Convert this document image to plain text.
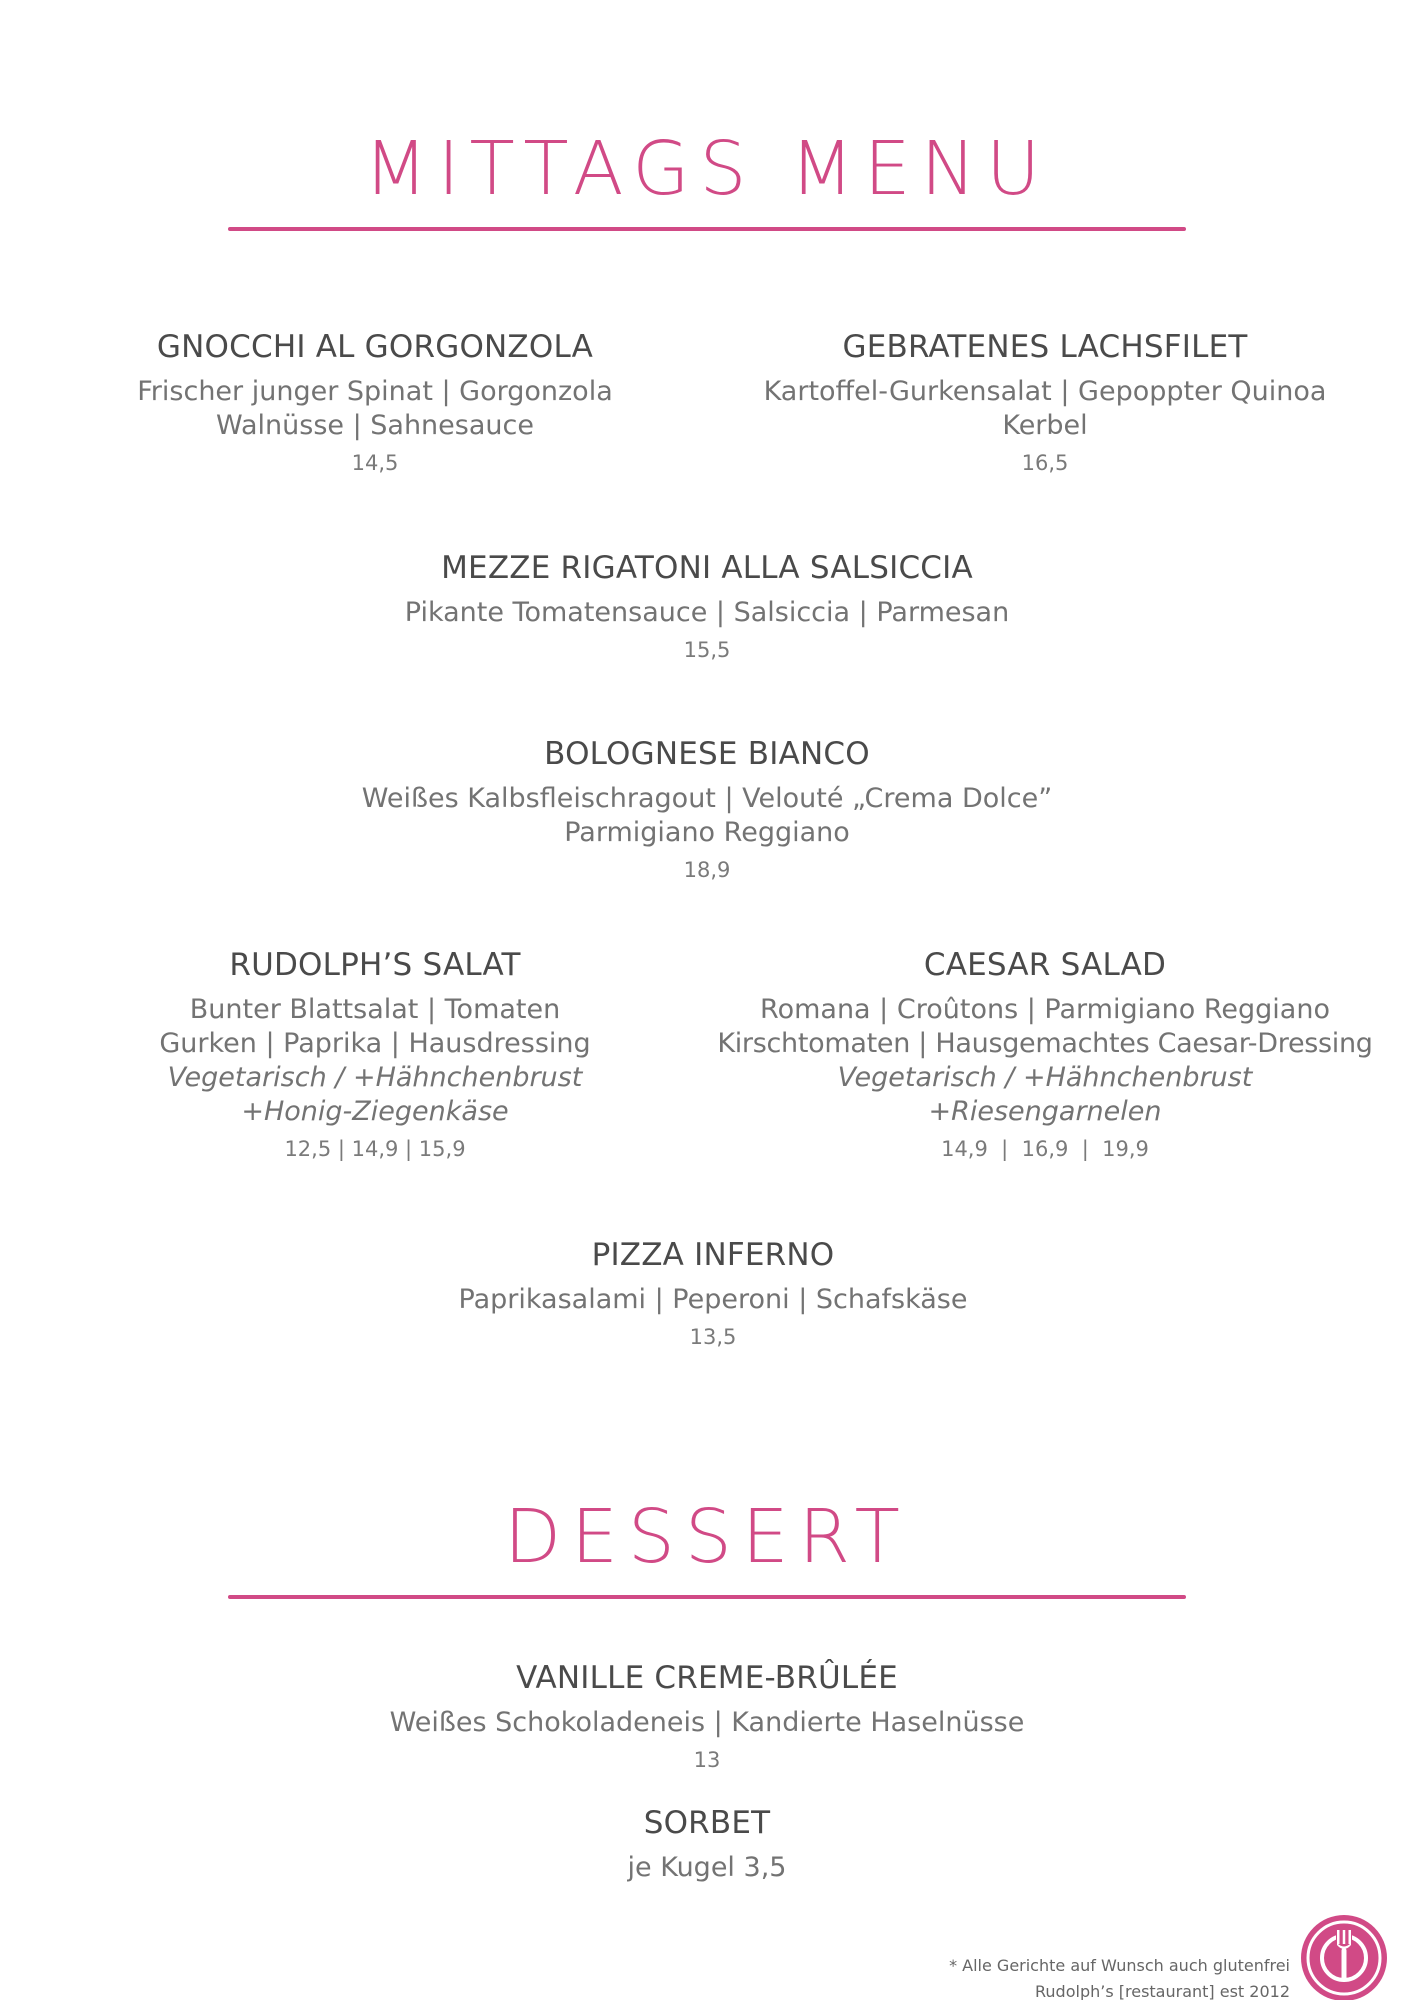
MITTAGS MENU
GNOCCHI AL GORGONZOLA
Frischer junger Spinat | Gorgonzola
Walnüsse | Sahnesauce
14,5
GEBRATENES LACHSFILET
Kartoffel-Gurkensalat | Gepoppter Quinoa
Kerbel
16,5
MEZZE RIGATONI ALLA SALSICCIA
Pikante Tomatensauce | Salsiccia | Parmesan
15,5
BOLOGNESE BIANCO
Weißes Kalbsfleischragout | Velouté „Crema Dolce”
Parmigiano Reggiano
18,9
RUDOLPH’S SALAT
Bunter Blattsalat | Tomaten
Gurken | Paprika | Hausdressing
Vegetarisch / +Hähnchenbrust
+Honig-Ziegenkäse
12,5 | 14,9 | 15,9
CAESAR SALAD
Romana | Croûtons | Parmigiano Reggiano
Kirschtomaten | Hausgemachtes Caesar-Dressing
Vegetarisch / +Hähnchenbrust
+Riesengarnelen
14,9  |  16,9  |  19,9
PIZZA INFERNO
Paprikasalami | Peperoni | Schafskäse
13,5
DESSERT
VANILLE CREME-BRÛLÉE
Weißes Schokoladeneis | Kandierte Haselnüsse
13
SORBET
je Kugel 3,5
* Alle Gerichte auf Wunsch auch glutenfrei
Rudolph’s [restaurant] est 2012
